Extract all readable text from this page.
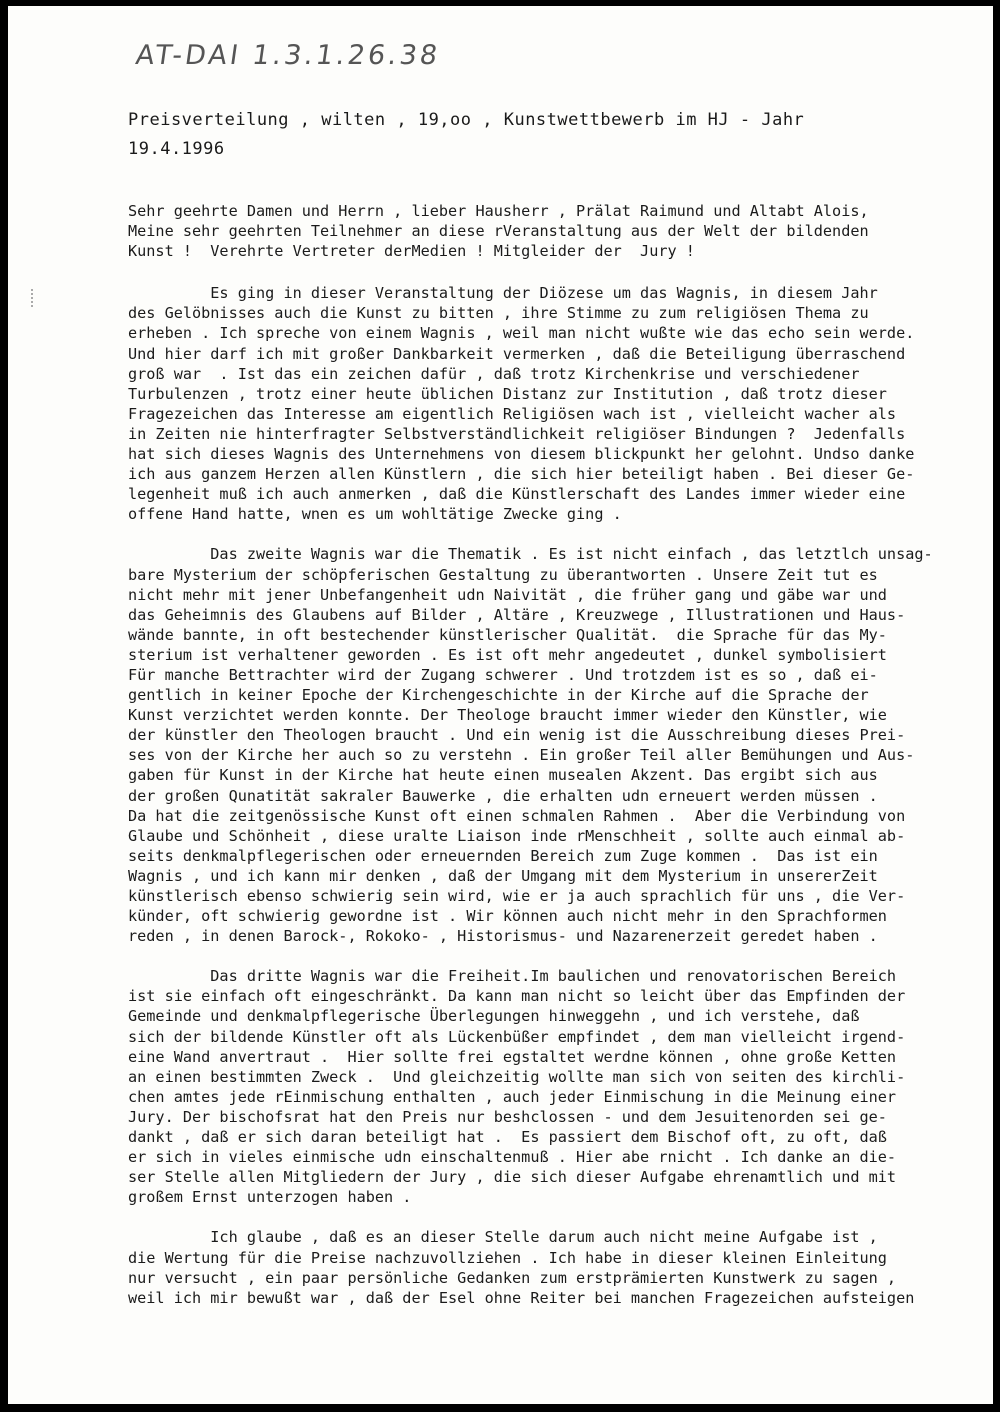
AT-DAI 1.3.1.26.38
Preisverteilung , wilten , 19,oo , Kunstwettbewerb im HJ - Jahr
19.4.1996
Sehr geehrte Damen und Herrn , lieber Hausherr , Prälat Raimund und Altabt Alois,
Meine sehr geehrten Teilnehmer an diese rVeranstaltung aus der Welt der bildenden
Kunst !  Verehrte Vertreter derMedien ! Mitgleider der  Jury !
Es ging in dieser Veranstaltung der Diözese um das Wagnis, in diesem Jahr
des Gelöbnisses auch die Kunst zu bitten , ihre Stimme zu zum religiösen Thema zu
erheben . Ich spreche von einem Wagnis , weil man nicht wußte wie das echo sein werde.
Und hier darf ich mit großer Dankbarkeit vermerken , daß die Beteiligung überraschend
groß war  . Ist das ein zeichen dafür , daß trotz Kirchenkrise und verschiedener
Turbulenzen , trotz einer heute üblichen Distanz zur Institution , daß trotz dieser
Fragezeichen das Interesse am eigentlich Religiösen wach ist , vielleicht wacher als
in Zeiten nie hinterfragter Selbstverständlichkeit religiöser Bindungen ?  Jedenfalls
hat sich dieses Wagnis des Unternehmens von diesem blickpunkt her gelohnt. Undso danke
ich aus ganzem Herzen allen Künstlern , die sich hier beteiligt haben . Bei dieser Ge-
legenheit muß ich auch anmerken , daß die Künstlerschaft des Landes immer wieder eine
offene Hand hatte, wnen es um wohltätige Zwecke ging .
Das zweite Wagnis war die Thematik . Es ist nicht einfach , das letztlch unsag-
bare Mysterium der schöpferischen Gestaltung zu überantworten . Unsere Zeit tut es
nicht mehr mit jener Unbefangenheit udn Naivität , die früher gang und gäbe war und
das Geheimnis des Glaubens auf Bilder , Altäre , Kreuzwege , Illustrationen und Haus-
wände bannte, in oft bestechender künstlerischer Qualität.  die Sprache für das My-
sterium ist verhaltener geworden . Es ist oft mehr angedeutet , dunkel symbolisiert
Für manche Bettrachter wird der Zugang schwerer . Und trotzdem ist es so , daß ei-
gentlich in keiner Epoche der Kirchengeschichte in der Kirche auf die Sprache der
Kunst verzichtet werden konnte. Der Theologe braucht immer wieder den Künstler, wie
der künstler den Theologen braucht . Und ein wenig ist die Ausschreibung dieses Prei-
ses von der Kirche her auch so zu verstehn . Ein großer Teil aller Bemühungen und Aus-
gaben für Kunst in der Kirche hat heute einen musealen Akzent. Das ergibt sich aus
der großen Qunatität sakraler Bauwerke , die erhalten udn erneuert werden müssen .
Da hat die zeitgenössische Kunst oft einen schmalen Rahmen .  Aber die Verbindung von
Glaube und Schönheit , diese uralte Liaison inde rMenschheit , sollte auch einmal ab-
seits denkmalpflegerischen oder erneuernden Bereich zum Zuge kommen .  Das ist ein
Wagnis , und ich kann mir denken , daß der Umgang mit dem Mysterium in unsererZeit
künstlerisch ebenso schwierig sein wird, wie er ja auch sprachlich für uns , die Ver-
künder, oft schwierig gewordne ist . Wir können auch nicht mehr in den Sprachformen
reden , in denen Barock-, Rokoko- , Historismus- und Nazarenerzeit geredet haben .
Das dritte Wagnis war die Freiheit.Im baulichen und renovatorischen Bereich
ist sie einfach oft eingeschränkt. Da kann man nicht so leicht über das Empfinden der
Gemeinde und denkmalpflegerische Überlegungen hinweggehn , und ich verstehe, daß
sich der bildende Künstler oft als Lückenbüßer empfindet , dem man vielleicht irgend-
eine Wand anvertraut .  Hier sollte frei egstaltet werdne können , ohne große Ketten
an einen bestimmten Zweck .  Und gleichzeitig wollte man sich von seiten des kirchli-
chen amtes jede rEinmischung enthalten , auch jeder Einmischung in die Meinung einer
Jury. Der bischofsrat hat den Preis nur beshclossen - und dem Jesuitenorden sei ge-
dankt , daß er sich daran beteiligt hat .  Es passiert dem Bischof oft, zu oft, daß
er sich in vieles einmische udn einschaltenmuß . Hier abe rnicht . Ich danke an die-
ser Stelle allen Mitgliedern der Jury , die sich dieser Aufgabe ehrenamtlich und mit
großem Ernst unterzogen haben .
Ich glaube , daß es an dieser Stelle darum auch nicht meine Aufgabe ist ,
die Wertung für die Preise nachzuvollziehen . Ich habe in dieser kleinen Einleitung
nur versucht , ein paar persönliche Gedanken zum erstprämierten Kunstwerk zu sagen ,
weil ich mir bewußt war , daß der Esel ohne Reiter bei manchen Fragezeichen aufsteigen
